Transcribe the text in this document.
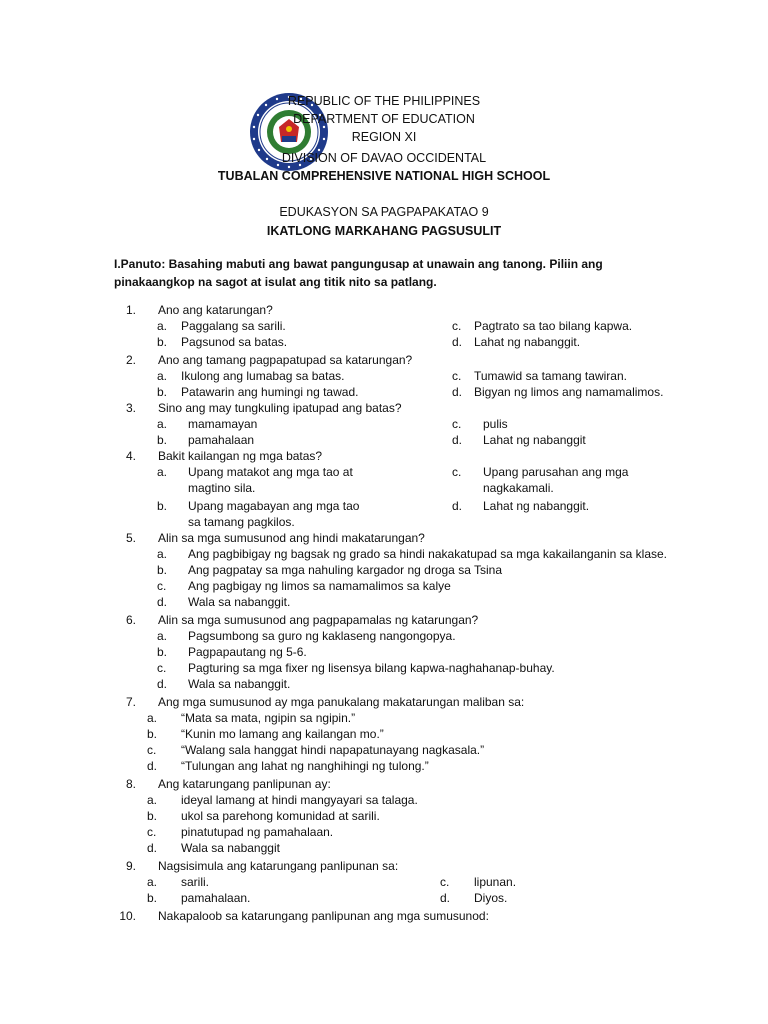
REPUBLIC OF THE PHILIPPINES
DEPARTMENT OF EDUCATION
REGION XI
DIVISION OF DAVAO OCCIDENTAL
TUBALAN COMPREHENSIVE NATIONAL HIGH SCHOOL
EDUKASYON SA PAGPAPAKATAO 9
IKATLONG MARKAHANG PAGSUSULIT
I.Panuto: Basahing mabuti ang bawat pangungusap at unawain ang tanong. Piliin ang pinakaangkop na sagot at isulat ang titik nito sa patlang.
1. Ano ang katarungan?
a. Paggalang sa sarili.
b. Pagsunod sa batas.
c. Pagtrato sa tao bilang kapwa.
d. Lahat ng nabanggit.
2. Ano ang tamang pagpapatupad sa katarungan?
a. Ikulong ang lumabag sa batas.
b. Patawarin ang humingi ng tawad.
c. Tumawid sa tamang tawiran.
d. Bigyan ng limos ang namamalimos.
3. Sino ang may tungkuling ipatupad ang batas?
a. mamamayan
b. pamahalaan
c. pulis
d. Lahat ng nabanggit
4. Bakit kailangan ng mga batas?
a. Upang matakot ang mga tao at
magtino sila.
b. Upang magabayan ang mga tao
sa tamang pagkilos.
c. Upang parusahan ang mga
nagkakamali.
d. Lahat ng nabanggit.
5. Alin sa mga sumusunod ang hindi makatarungan?
a. Ang pagbibigay ng bagsak ng grado sa hindi nakakatupad sa mga kakailanganin sa klase.
b. Ang pagpatay sa mga nahuling kargador ng droga sa Tsina
c. Ang pagbigay ng limos sa namamalimos sa kalye
d. Wala sa nabanggit.
6. Alin sa mga sumusunod ang pagpapamalas ng katarungan?
a. Pagsumbong sa guro ng kaklaseng nangongopya.
b. Pagpapautang ng 5-6.
c. Pagturing sa mga fixer ng lisensya bilang kapwa-naghahanap-buhay.
d. Wala sa nabanggit.
7. Ang mga sumusunod ay mga panukalang makatarungan maliban sa:
a. “Mata sa mata, ngipin sa ngipin.”
b. “Kunin mo lamang ang kailangan mo.”
c. “Walang sala hanggat hindi napapatunayang nagkasala.”
d. “Tulungan ang lahat ng nanghihingi ng tulong.”
8. Ang katarungang panlipunan ay:
a. ideyal lamang at hindi mangyayari sa talaga.
b. ukol sa parehong komunidad at sarili.
c. pinatutupad ng pamahalaan.
d. Wala sa nabanggit
9. Nagsisimula ang katarungang panlipunan sa:
a. sarili.
b. pamahalaan.
c. lipunan.
d. Diyos.
10. Nakapaloob sa katarungang panlipunan ang mga sumusunod:
